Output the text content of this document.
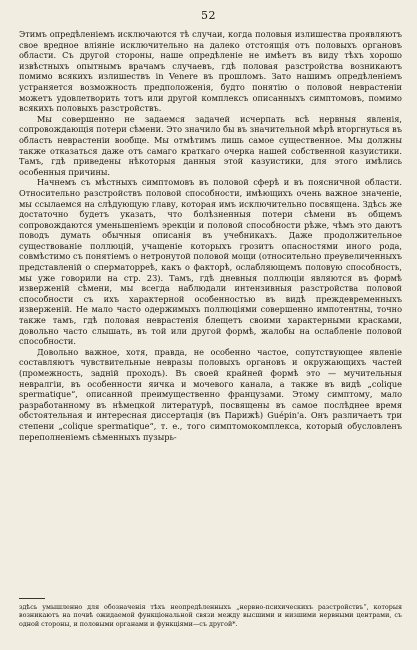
52

Этимъ опредѣленіемъ исключаются тѣ случаи, когда половыя излишества проявляютъ свое вредное вліяніе исключительно на далеко отстоящія отъ половыхъ органовъ области. Съ другой стороны, наше опредѣленіе не имѣетъ въ виду тѣхъ хорошо извѣстныхъ опытнымъ врачамъ случаевъ, гдѣ половая разстройства возникаютъ помимо всякихъ излишествъ in Venere въ прошломъ. Зато нашимъ опредѣленіемъ устраняется возможность предположенія, будто понятію о половой неврастеніи можетъ удовлетворить тотъ или другой комплексъ описанныхъ симптомовъ, помимо всякихъ половыхъ разстройствъ.

Мы совершенно не задаемся задачей исчерпать всѣ нервныя явленія, сопровождающія потери сѣмени. Это значило бы въ значительной мѣрѣ вторгнуться въ область неврастеніи вообще. Мы отмѣтимъ лишь самое существенное. Мы должны также отказаться даже отъ самаго краткаго очерка нашей собственной казуистики. Тамъ, гдѣ приведены нѣкоторыя данныя этой казуистики, для этого имѣлись особенныя причины.

Начнемъ съ мѣстныхъ симптомовъ въ половой сферѣ и въ поясничной области. Относительно разстройствъ половой способности, имѣющихъ очень важное значеніе, мы ссылаемся на слѣдующую главу, которая имъ исключительно посвящена. Здѣсь же достаточно будетъ указать, что болѣзненныя потери сѣмени въ общемъ сопровождаются уменьшеніемъ эрекціи и половой способности рѣже, чѣмъ это даютъ поводъ думать обычныя описанія въ учебникахъ. Даже продолжительное существованіе поллюцій, учащеніе которыхъ грозитъ опасностями иного рода, совмѣстимо съ понятіемъ о нетронутой половой мощи (относительно преувеличенныхъ представленій о сперматорреѣ, какъ о факторѣ, ослабляющемъ половую способность, мы уже говорили на стр. 23). Тамъ, гдѣ дневныя поллюціи являются въ формѣ извержeній сѣмени, мы всегда наблюдали интензивныя разстройства половой способности съ ихъ характерной особенностью въ видѣ преждевременныхъ изверженій. Не мало часто одержимыхъ поллюціями совершенно импотентны, точно также тамъ, гдѣ половая неврастенія блещетъ своими характерными красками, довольно часто слышать, въ той или другой формѣ, жалобы на ослабленіе половой способности.

Довольно важное, хотя, правда, не особенно частое, сопутствующее явленіе составляютъ чувствительные невразы половыхъ органовъ и окружающихъ частей (промежность, задній проходъ). Въ своей крайней формѣ это — мучительныя невралгіи, въ особенности яичка и мочевого канала, а также въ видѣ „colique spermatique“, описанной преимущественно французами. Этому симптому, мало разработанному въ нѣмецкой литературѣ, посвящены въ самое послѣднее время обстоятельная и интересная диссертація (въ Парижѣ) Guépin'а. Онъ различаетъ три степени „colique spermatique“, т. е., того симптомокомплекса, который обусловленъ переполненіемъ сѣменныхъ пузырь-

здѣсь умышленно для обозначенія тѣхъ неопредѣленныхъ „нервно-психическихъ разстройствъ“, которыя возникаютъ на почвѣ ожидаемой функціональной связи между высшими и низшими нервными центрами, съ одной стороны, и половыми органами и функціями—съ другой*.
